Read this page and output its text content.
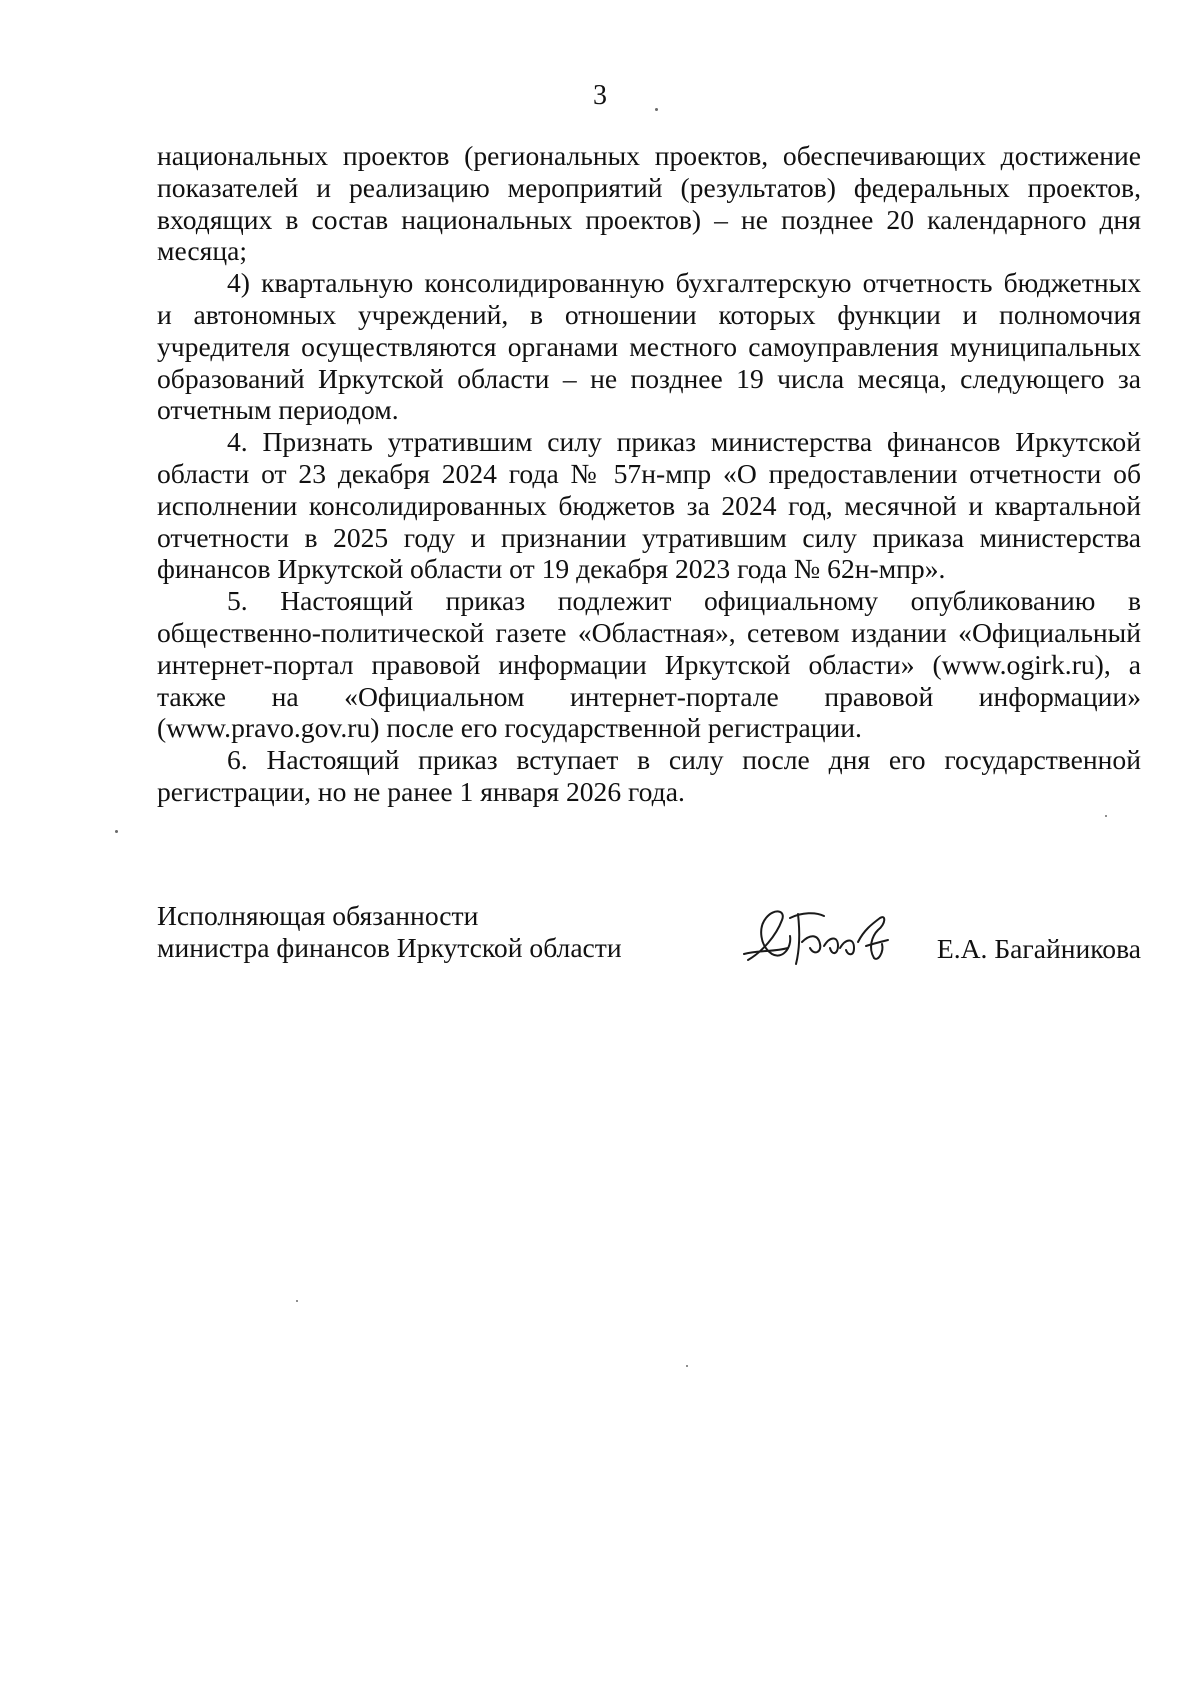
3

национальных проектов (региональных проектов, обеспечивающих достижение показателей и реализацию мероприятий (результатов) федеральных проектов, входящих в состав национальных проектов) – не позднее 20 календарного дня месяца;

4) квартальную консолидированную бухгалтерскую отчетность бюджетных и автономных учреждений, в отношении которых функции и полномочия учредителя осуществляются органами местного самоуправления муниципальных образований Иркутской области – не позднее 19 числа месяца, следующего за отчетным периодом.

4. Признать утратившим силу приказ министерства финансов Иркутской области от 23 декабря 2024 года № 57н-мпр «О предоставлении отчетности об исполнении консолидированных бюджетов за 2024 год, месячной и квартальной отчетности в 2025 году и признании утратившим силу приказа министерства финансов Иркутской области от 19 декабря 2023 года № 62н-мпр».

5. Настоящий приказ подлежит официальному опубликованию в общественно-политической газете «Областная», сетевом издании «Официальный интернет-портал правовой информации Иркутской области» (www.ogirk.ru), а также на «Официальном интернет-портале правовой информации» (www.pravo.gov.ru) после его государственной регистрации.

6. Настоящий приказ вступает в силу после дня его государственной регистрации, но не ранее 1 января 2026 года.

Исполняющая обязанности
министра финансов Иркутской области	Е.А. Багайникова
